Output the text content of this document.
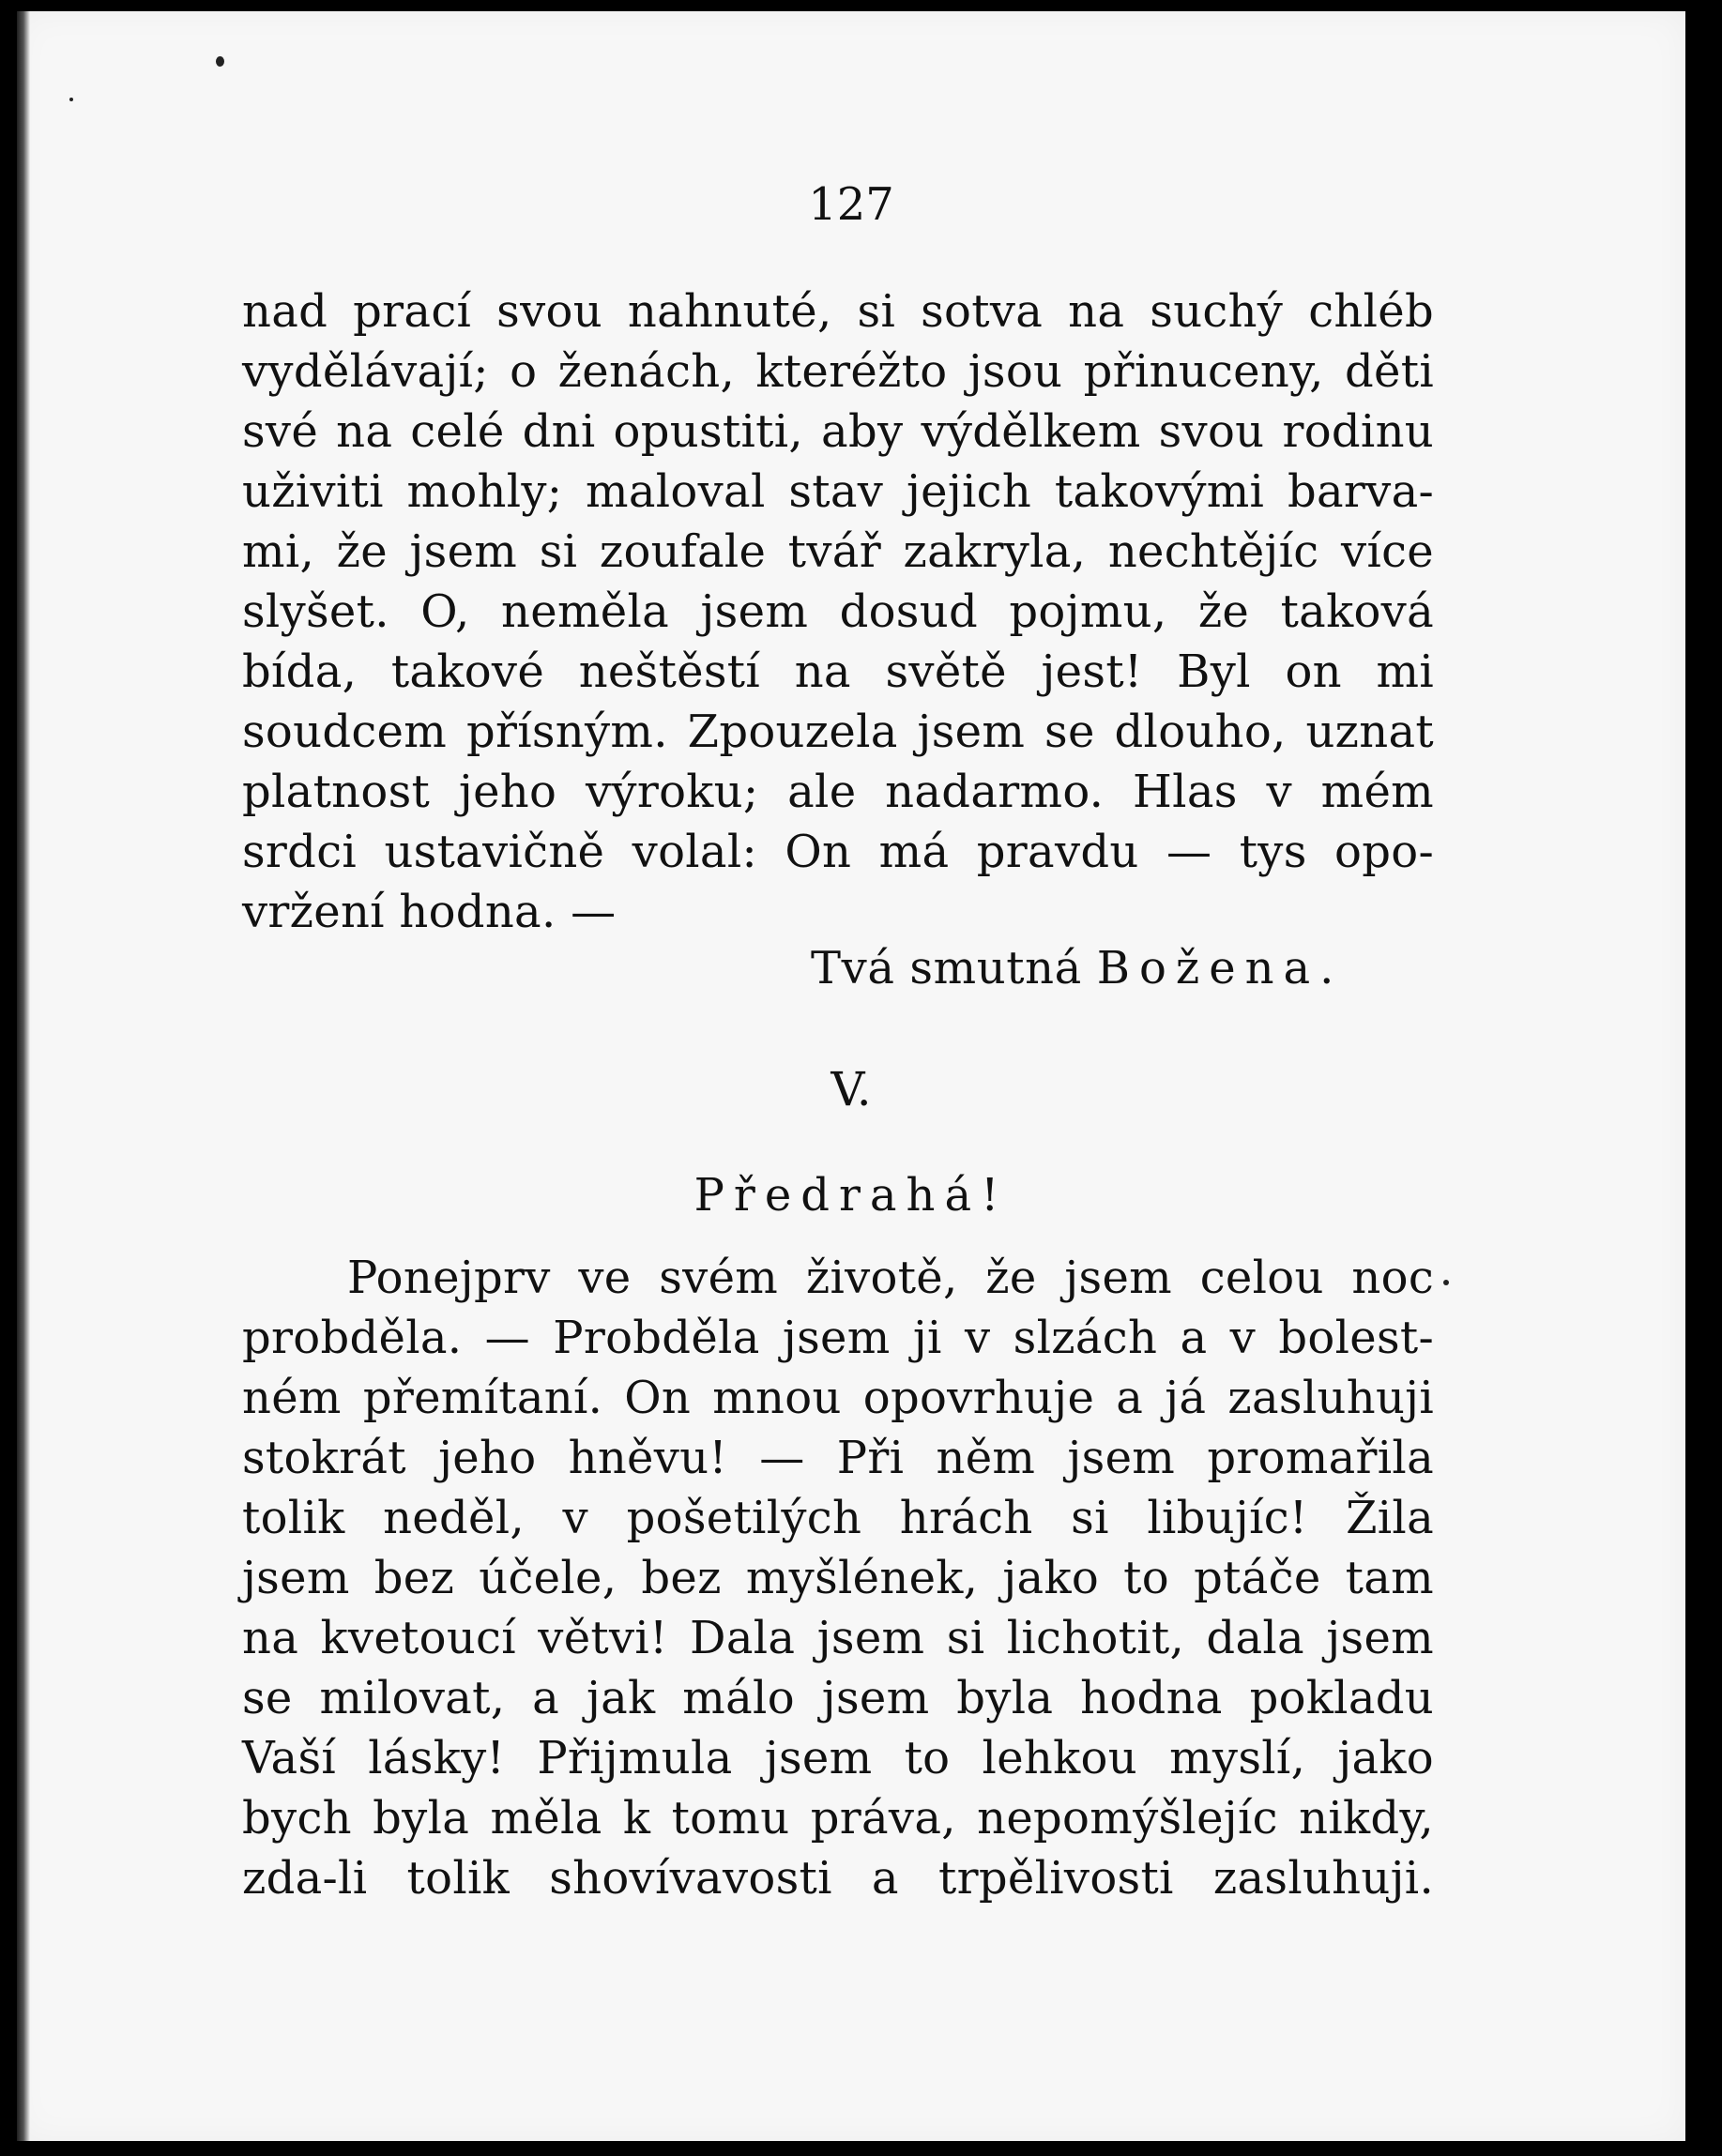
127
nad prací svou nahnuté, si sotva na suchý chléb
vydělávají; o ženách, kteréžto jsou přinuceny, děti
své na celé dni opustiti, aby výdělkem svou rodinu
uživiti mohly; maloval stav jejich takovými barva-
mi, že jsem si zoufale tvář zakryla, nechtějíc více
slyšet. O, neměla jsem dosud pojmu, že taková
bída, takové neštěstí na světě jest! Byl on mi
soudcem přísným. Zpouzela jsem se dlouho, uznat
platnost jeho výroku; ale nadarmo. Hlas v mém
srdci ustavičně volal: On má pravdu — tys opo-
vržení hodna. —
Tvá smutná Božena.
V.
Předrahá!
Ponejprv ve svém životě, že jsem celou noc
probděla. — Probděla jsem ji v slzách a v bolest-
ném přemítaní. On mnou opovrhuje a já zasluhuji
stokrát jeho hněvu! — Při něm jsem promařila
tolik neděl, v pošetilých hrách si libujíc! Žila
jsem bez účele, bez myšlének, jako to ptáče tam
na kvetoucí větvi! Dala jsem si lichotit, dala jsem
se milovat, a jak málo jsem byla hodna pokladu
Vaší lásky! Přijmula jsem to lehkou myslí, jako
bych byla měla k tomu práva, nepomýšlejíc nikdy,
zda-li tolik shovívavosti a trpělivosti zasluhuji.
